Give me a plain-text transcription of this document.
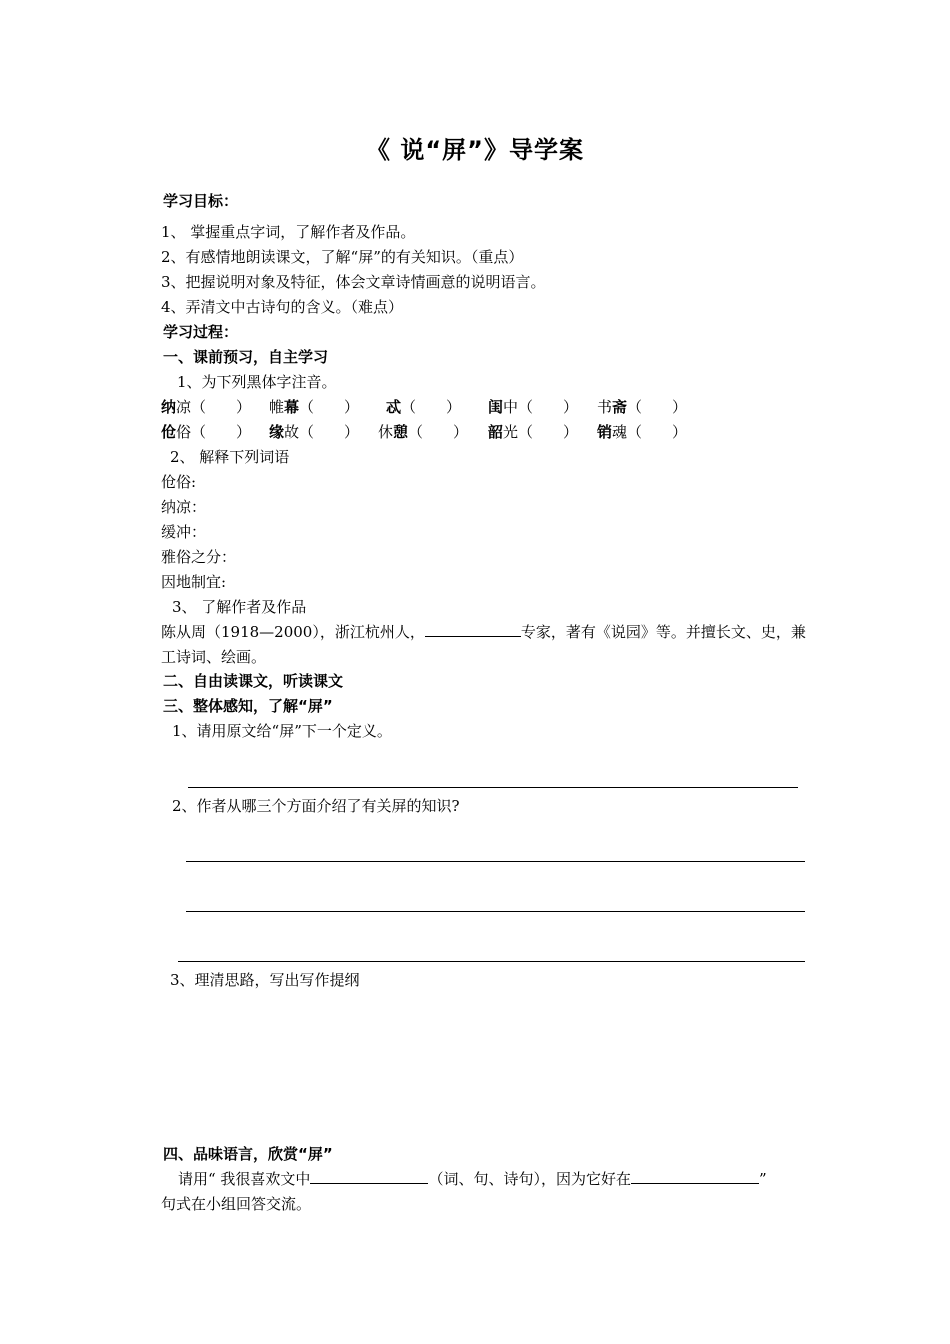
《 说“屏”》导学案
学习目标：
1、 掌握重点字词，了解作者及作品。
2、有感情地朗读课文，了解“屏”的有关知识。（重点）
3、把握说明对象及特征，体会文章诗情画意的说明语言。
4、弄清文中古诗句的含义。（难点）
学习过程：
一、课前预习，自主学习
1、为下列黑体字注音。
纳凉（　　） 帷幕（　　） 忒（　　） 闺中（　　） 书斋（　　）
伧俗（　　） 缘故（　　） 休憩（　　） 韶光（　　） 销魂（　　）
2、 解释下列词语
伧俗:
纳凉：
缓冲：
雅俗之分：
因地制宜:
3、 了解作者及作品
陈从周（1918—2000），浙江杭州人，	专家，著有《说园》等。并擅长文、史，兼
工诗词、绘画。
二、自由读课文，听读课文
三、整体感知，了解“屏”
1、请用原文给“屏”下一个定义。
2、作者从哪三个方面介绍了有关屏的知识?
3、理清思路，写出写作提纲
四、品味语言，欣赏“屏”
请用“ 我很喜欢文中	（词、句、诗句），因为它好在	”
句式在小组回答交流。
